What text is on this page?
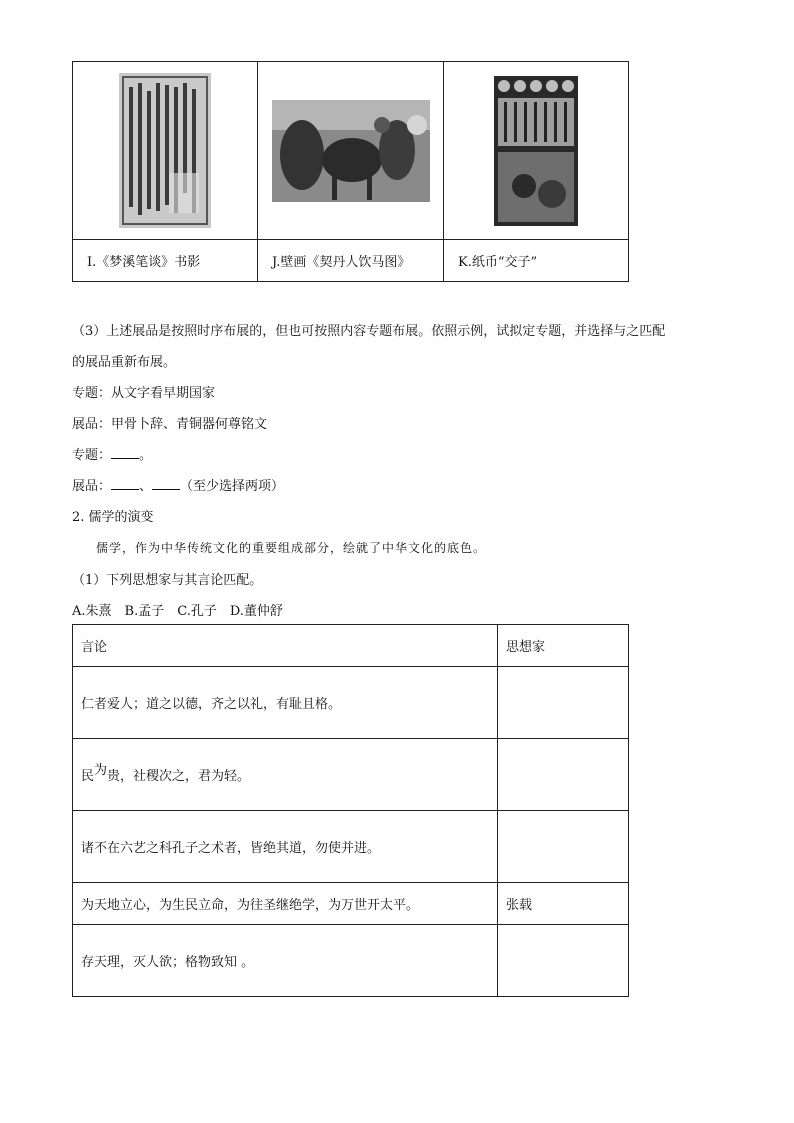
I.《梦溪笔谈》书影	J.壁画《契丹人饮马图》	K.纸币“交子”
（3）上述展品是按照时序布展的，但也可按照内容专题布展。依照示例，试拟定专题，并选择与之匹配
的展品重新布展。
专题：从文字看早期国家
展品：甲骨卜辞、青铜器何尊铭文
专题： 。
展品： 、 （至少选择两项）
2. 儒学的演变
儒学，作为中华传统文化的重要组成部分，绘就了中华文化的底色。
（1）下列思想家与其言论匹配。
A.朱熹　B.孟子　C.孔子　D.董仲舒
言论	思想家
仁者爱人；道之以德，齐之以礼，有耻且格。	
民为贵，社稷次之，君为轻。	
诸不在六艺之科孔子之术者，皆绝其道，勿使并进。	
为天地立心，为生民立命，为往圣继绝学，为万世开太平。	张载
存天理，灭人欲；格物致知 。	
